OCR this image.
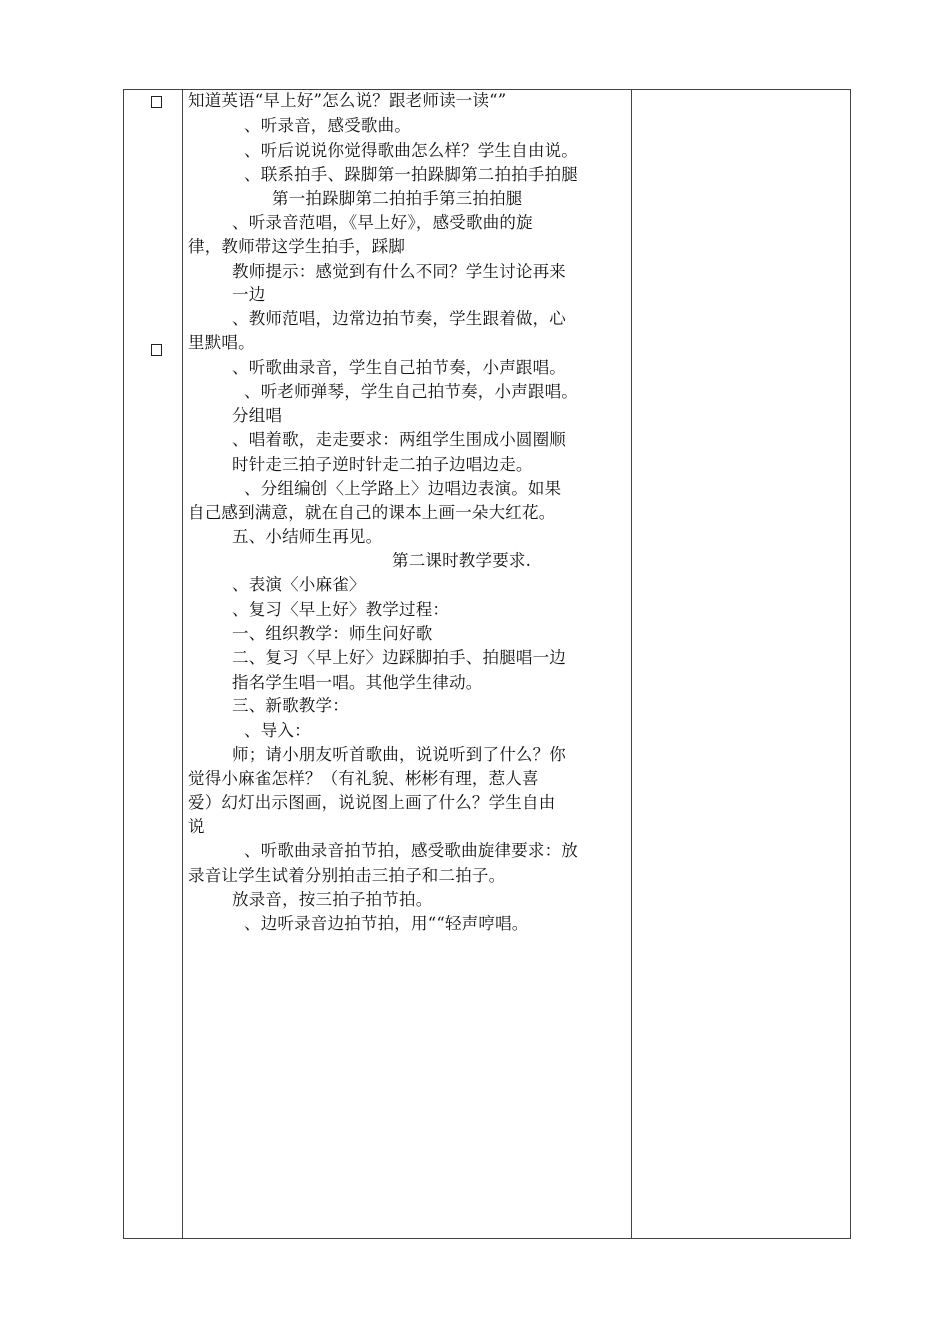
知道英语“早上好”怎么说？跟老师读一读“”
、听录音，感受歌曲。
、听后说说你觉得歌曲怎么样？学生自由说。
、联系拍手、跺脚第一拍跺脚第二拍拍手拍腿
第一拍跺脚第二拍拍手第三拍拍腿
、听录音范唱，《早上好》，感受歌曲的旋
律，教师带这学生拍手，踩脚
教师提示：感觉到有什么不同？学生讨论再来
一边
、教师范唱，边常边拍节奏，学生跟着做，心
里默唱。
、听歌曲录音，学生自己拍节奏，小声跟唱。
、听老师弹琴，学生自己拍节奏，小声跟唱。
分组唱
、唱着歌，走走要求：两组学生围成小圆圈顺
时针走三拍子逆时针走二拍子边唱边走。
、分组编创〈上学路上〉边唱边表演。如果
自己感到满意，就在自己的课本上画一朵大红花。
五、小结师生再见。
第二课时教学要求.
、表演〈小麻雀〉
、复习〈早上好〉教学过程：
一、组织教学：师生问好歌
二、复习〈早上好〉边踩脚拍手、拍腿唱一边
指名学生唱一唱。其他学生律动。
三、新歌教学：
、导入：
师；请小朋友听首歌曲，说说听到了什么？你
觉得小麻雀怎样？（有礼貌、彬彬有理，惹人喜
爱）幻灯出示图画，说说图上画了什么？学生自由
说
、听歌曲录音拍节拍，感受歌曲旋律要求：放
录音让学生试着分别拍击三拍子和二拍子。
放录音，按三拍子拍节拍。
、边听录音边拍节拍，用““轻声哼唱。
